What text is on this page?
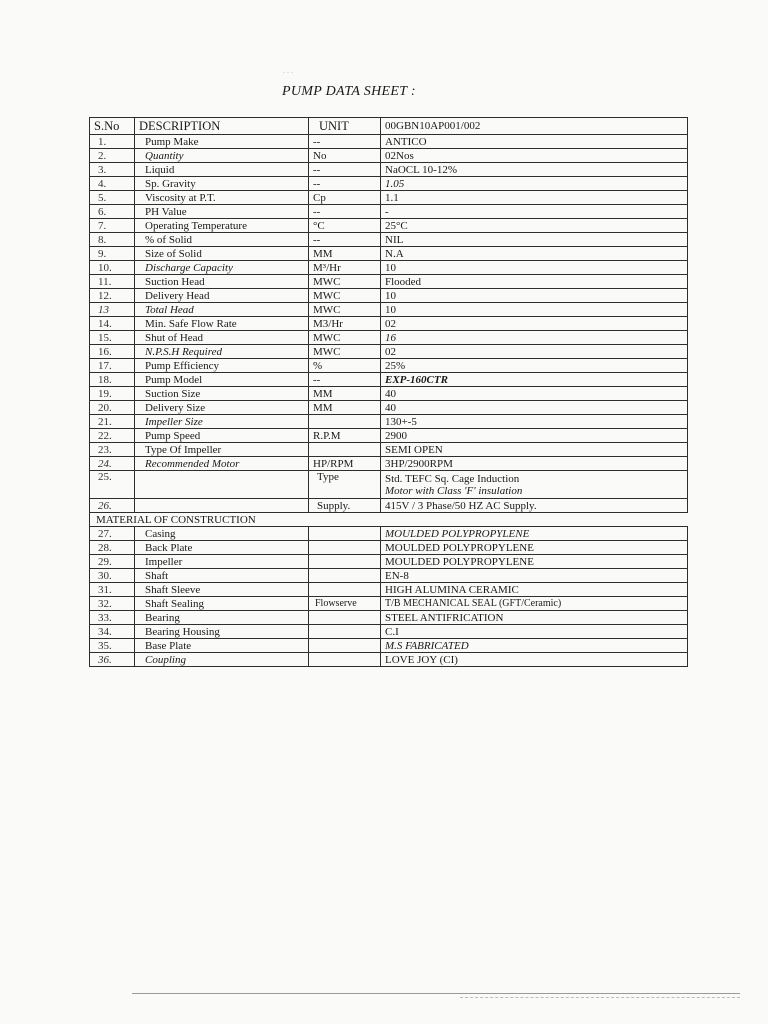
. . .
PUMP DATA SHEET :
S.No	DESCRIPTION	UNIT	00GBN10AP001/002
1.	Pump Make	--	ANTICO
2.	Quantity	No	02Nos
3.	Liquid	--	NaOCL 10-12%
4.	Sp. Gravity	--	1.05
5.	Viscosity at P.T.	Cp	1.1
6.	PH Value	--	-
7.	Operating Temperature	°C	25°C
8.	% of Solid	--	NIL
9.	Size of Solid	MM	N.A
10.	Discharge Capacity	M³/Hr	10
11.	Suction Head	MWC	Flooded
12.	Delivery Head	MWC	10
13	Total Head	MWC	10
14.	Min. Safe Flow Rate	M3/Hr	02
15.	Shut of Head	MWC	16
16.	N.P.S.H Required	MWC	02
17.	Pump Efficiency	%	25%
18.	Pump Model	--	EXP-160CTR
19.	Suction Size	MM	40
20.	Delivery Size	MM	40
21.	Impeller Size		130+-5
22.	Pump Speed	R.P.M	2900
23.	Type Of Impeller		SEMI OPEN
24.	Recommended Motor	HP/RPM	3HP/2900RPM
25.		Type	Std. TEFC Sq. Cage Induction
Motor with Class 'F' insulation

26.		Supply.	415V / 3 Phase/50 HZ AC Supply.
MATERIAL OF CONSTRUCTION			
27.	Casing		MOULDED POLYPROPYLENE
28.	Back Plate		MOULDED POLYPROPYLENE
29.	Impeller		MOULDED POLYPROPYLENE
30.	Shaft		EN-8
31.	Shaft Sleeve		HIGH ALUMINA CERAMIC
32.	Shaft Sealing	Flowserve	T/B MECHANICAL SEAL (GFT/Ceramic)
33.	Bearing		STEEL ANTIFRICATION
34.	Bearing Housing		C.I
35.	Base Plate		M.S FABRICATED
36.	Coupling		LOVE JOY (CI)
